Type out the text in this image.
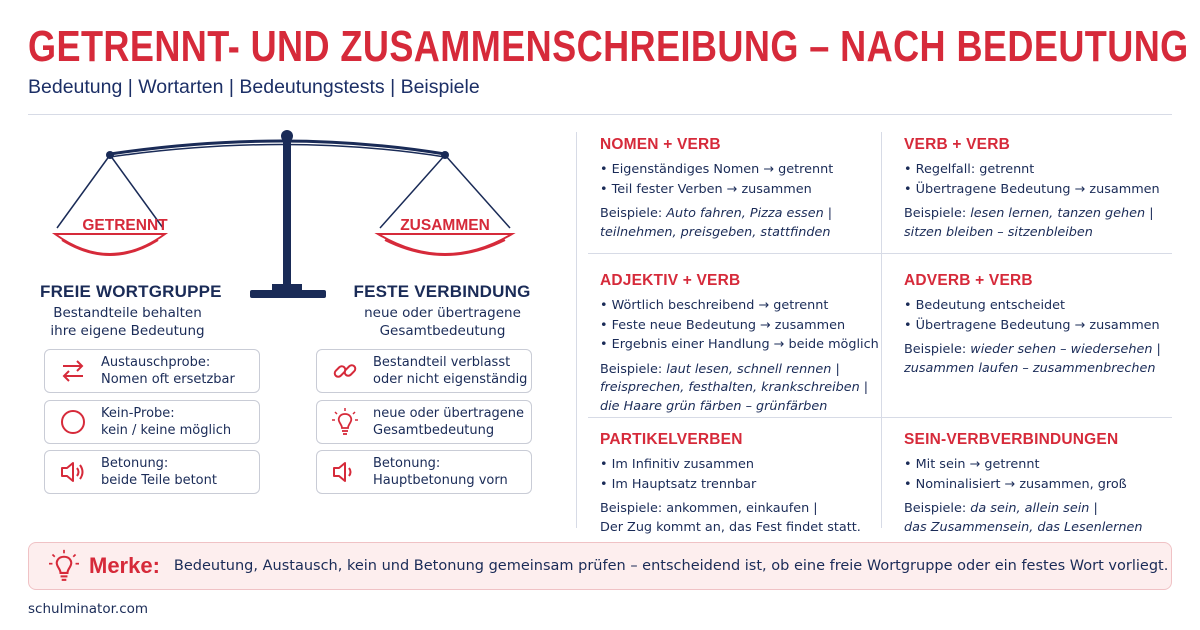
GETRENNT- UND ZUSAMMENSCHREIBUNG – NACH BEDEUTUNG
Bedeutung | Wortarten | Bedeutungstests | Beispiele
GETRENNT	ZUSAMMEN
FREIE WORTGRUPPE
Bestandteile behalten
ihre eigene Bedeutung
Austauschprobe:
Nomen oft ersetzbar
Kein-Probe:
kein / keine möglich
Betonung:
beide Teile betont
FESTE VERBINDUNG
neue oder übertragene
Gesamtbedeutung
Bestandteil verblasst
oder nicht eigenständig
neue oder übertragene
Gesamtbedeutung
Betonung:
Hauptbetonung vorn
NOMEN + VERB
• Eigenständiges Nomen → getrennt
• Teil fester Verben → zusammen
Beispiele: Auto fahren, Pizza essen |
teilnehmen, preisgeben, stattfinden
VERB + VERB
• Regelfall: getrennt
• Übertragene Bedeutung → zusammen
Beispiele: lesen lernen, tanzen gehen |
sitzen bleiben – sitzenbleiben
ADJEKTIV + VERB
• Wörtlich beschreibend → getrennt
• Feste neue Bedeutung → zusammen
• Ergebnis einer Handlung → beide möglich
Beispiele: laut lesen, schnell rennen |
freisprechen, festhalten, krankschreiben |
die Haare grün färben – grünfärben
ADVERB + VERB
• Bedeutung entscheidet
• Übertragene Bedeutung → zusammen
Beispiele: wieder sehen – wiedersehen |
zusammen laufen – zusammenbrechen
PARTIKELVERBEN
• Im Infinitiv zusammen
• Im Hauptsatz trennbar
Beispiele: ankommen, einkaufen |
Der Zug kommt an, das Fest findet statt.
SEIN-VERBVERBINDUNGEN
• Mit sein → getrennt
• Nominalisiert → zusammen, groß
Beispiele: da sein, allein sein |
das Zusammensein, das Lesenlernen
Merke: Bedeutung, Austausch, kein und Betonung gemeinsam prüfen – entscheidend ist, ob eine freie Wortgruppe oder ein festes Wort vorliegt.
schulminator.com
